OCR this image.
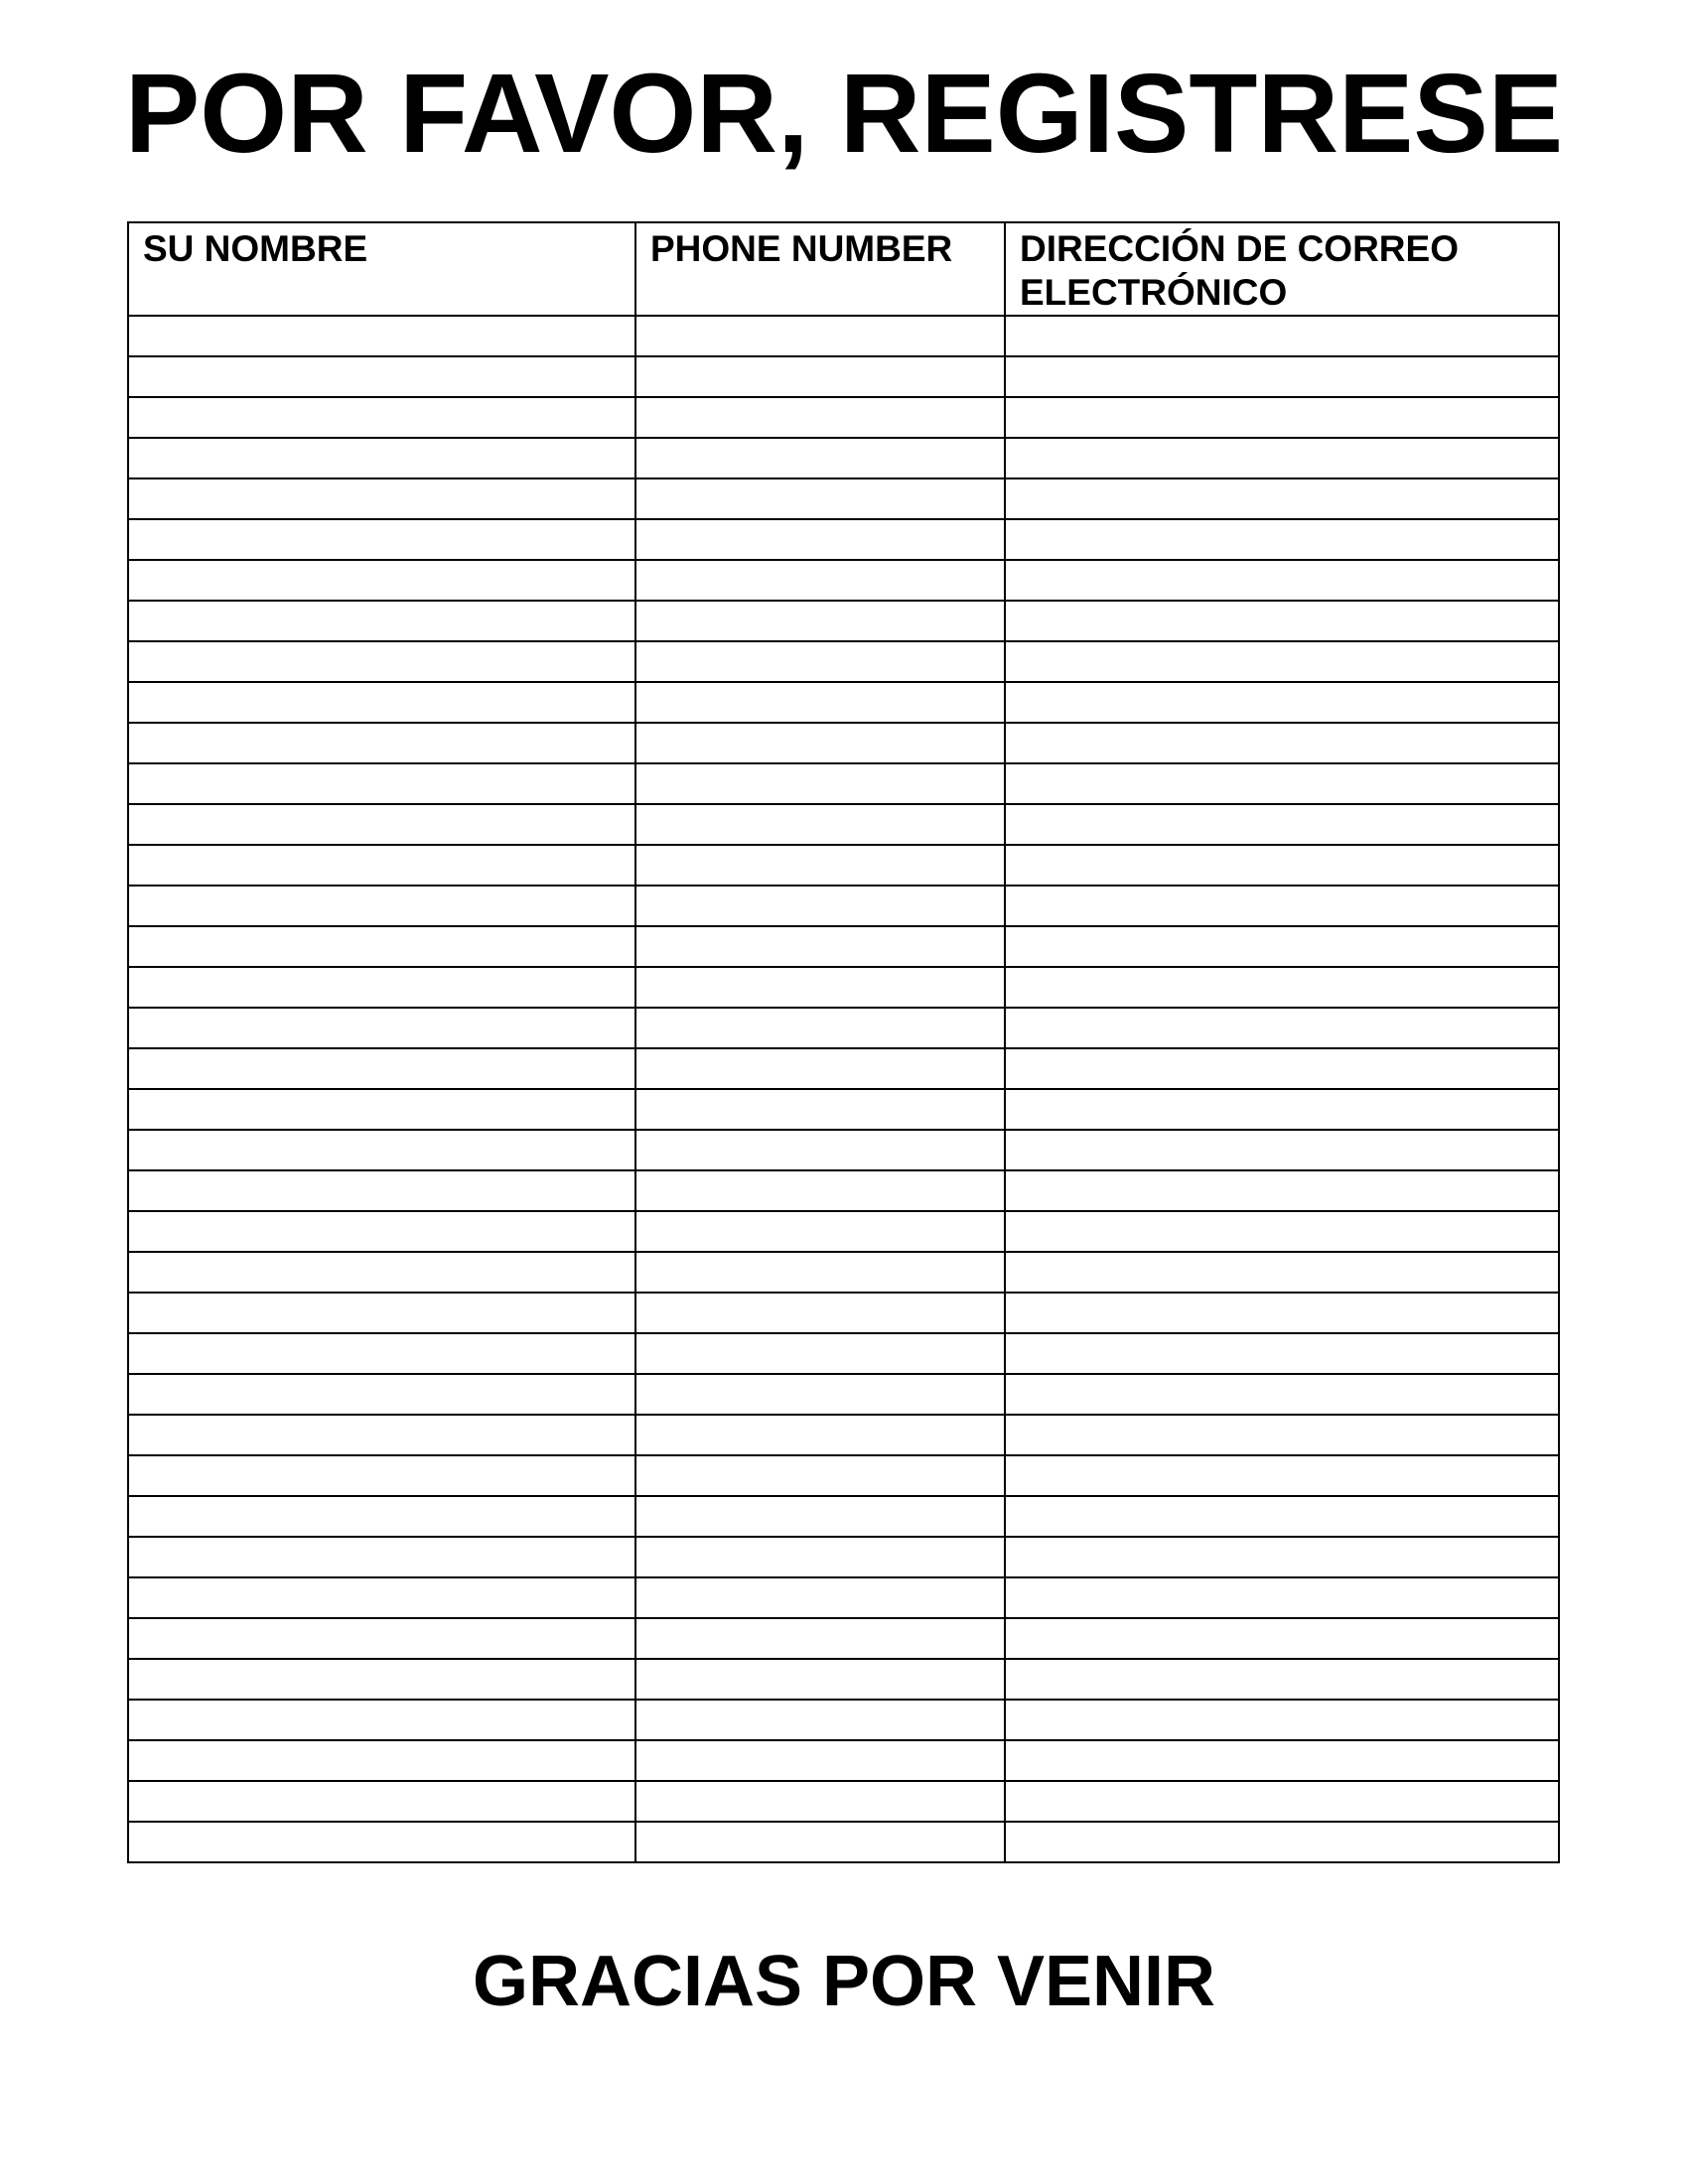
POR FAVOR, REGISTRESE
SU NOMBRE	PHONE NUMBER	DIRECCIÓN DE CORREO ELECTRÓNICO

GRACIAS POR VENIR
